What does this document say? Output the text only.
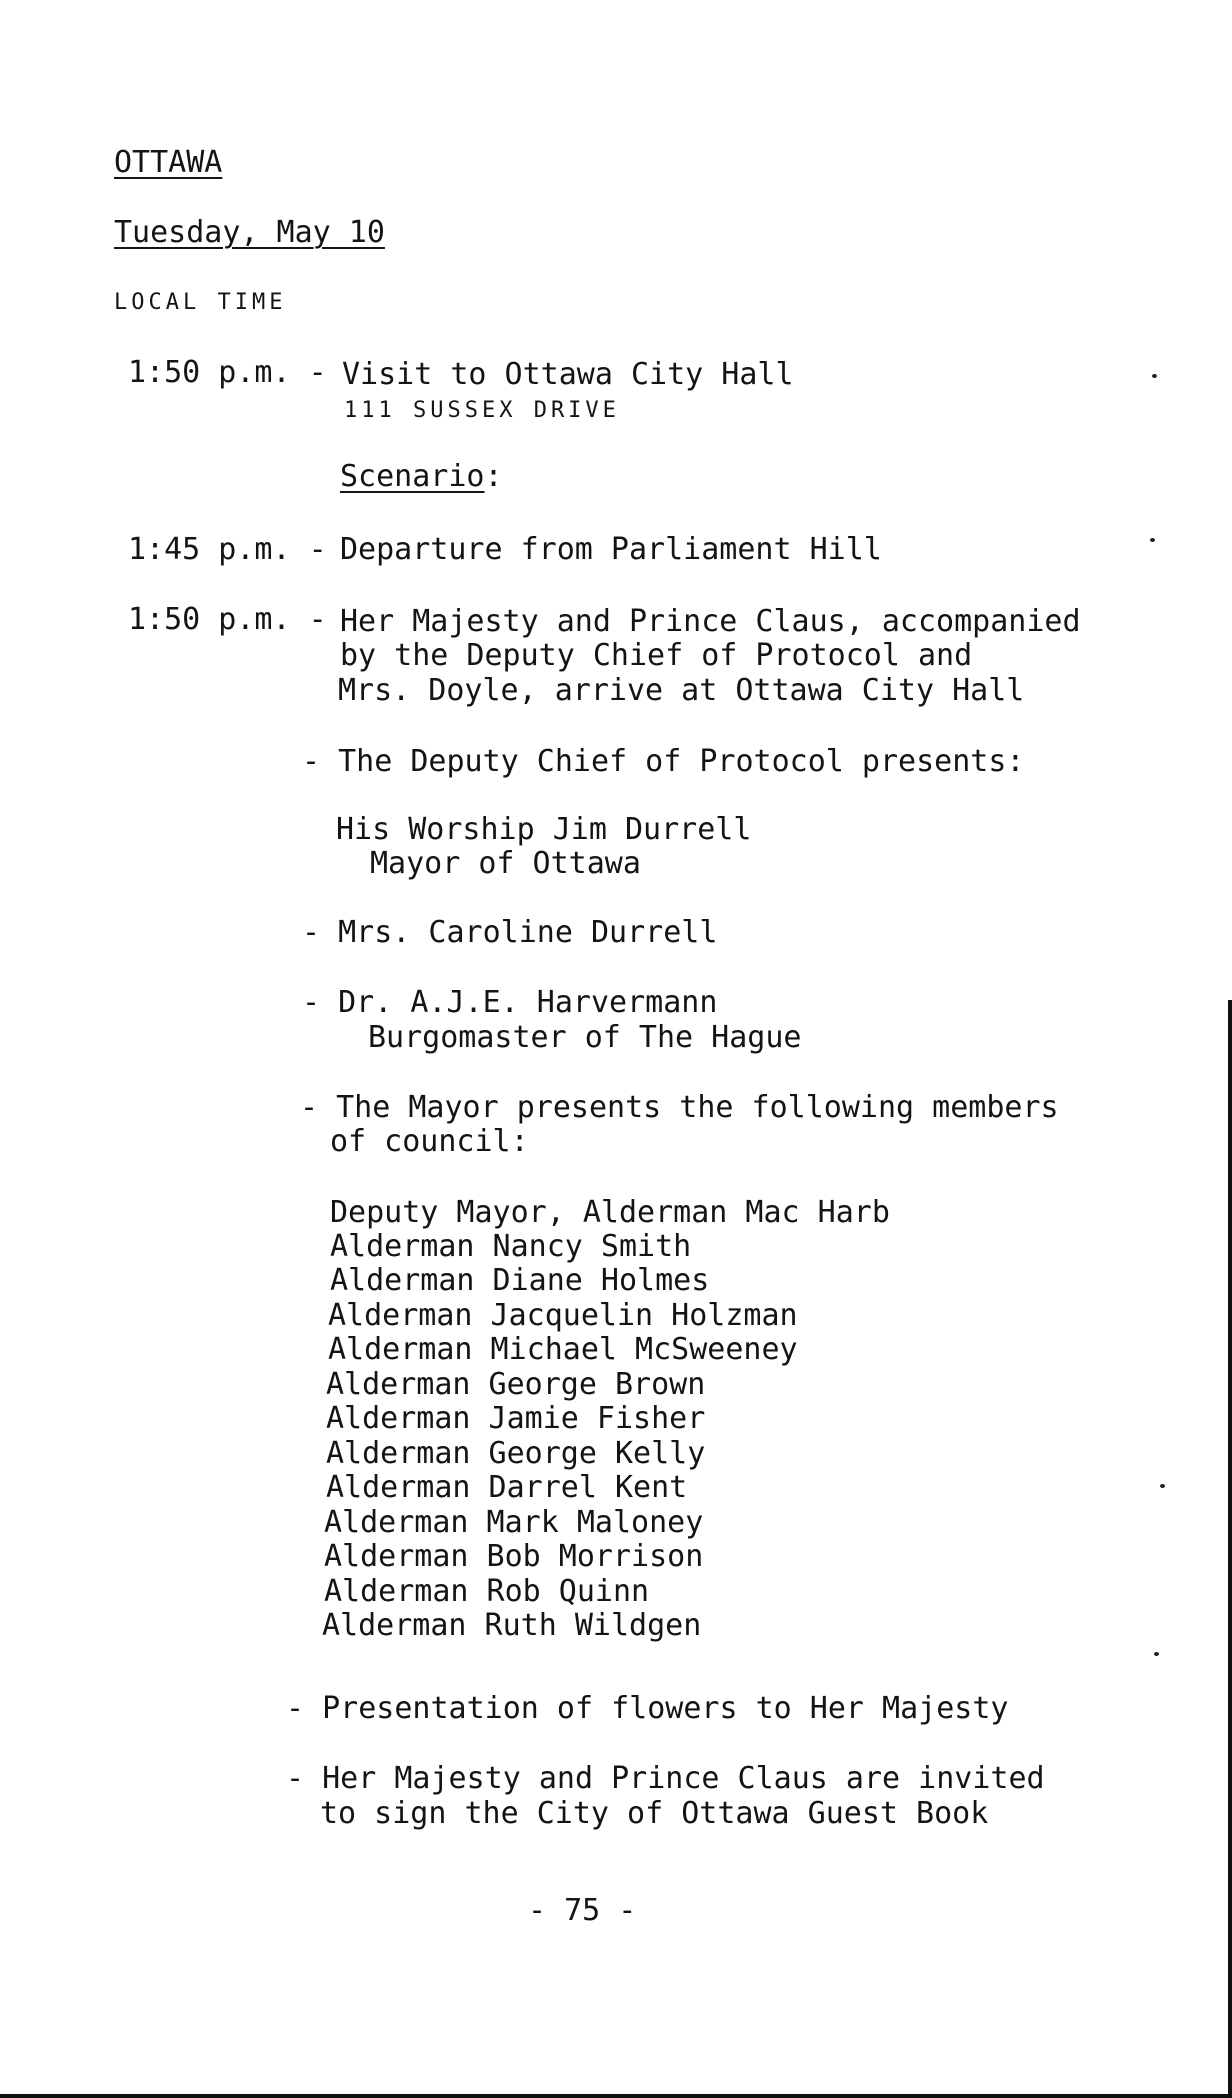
OTTAWA
Tuesday, May 10
LOCAL TIME
1:50 p.m. - Visit to Ottawa City Hall
111 SUSSEX DRIVE
Scenario:
1:45 p.m. - Departure from Parliament Hill
1:50 p.m. - Her Majesty and Prince Claus, accompanied
by the Deputy Chief of Protocol and
Mrs. Doyle, arrive at Ottawa City Hall
- The Deputy Chief of Protocol presents:
His Worship Jim Durrell
Mayor of Ottawa
- Mrs. Caroline Durrell
- Dr. A.J.E. Harvermann
Burgomaster of The Hague
- The Mayor presents the following members
of council:
Deputy Mayor, Alderman Mac Harb
Alderman Nancy Smith
Alderman Diane Holmes
Alderman Jacquelin Holzman
Alderman Michael McSweeney
Alderman George Brown
Alderman Jamie Fisher
Alderman George Kelly
Alderman Darrel Kent
Alderman Mark Maloney
Alderman Bob Morrison
Alderman Rob Quinn
Alderman Ruth Wildgen
- Presentation of flowers to Her Majesty
- Her Majesty and Prince Claus are invited
to sign the City of Ottawa Guest Book
- 75 -
